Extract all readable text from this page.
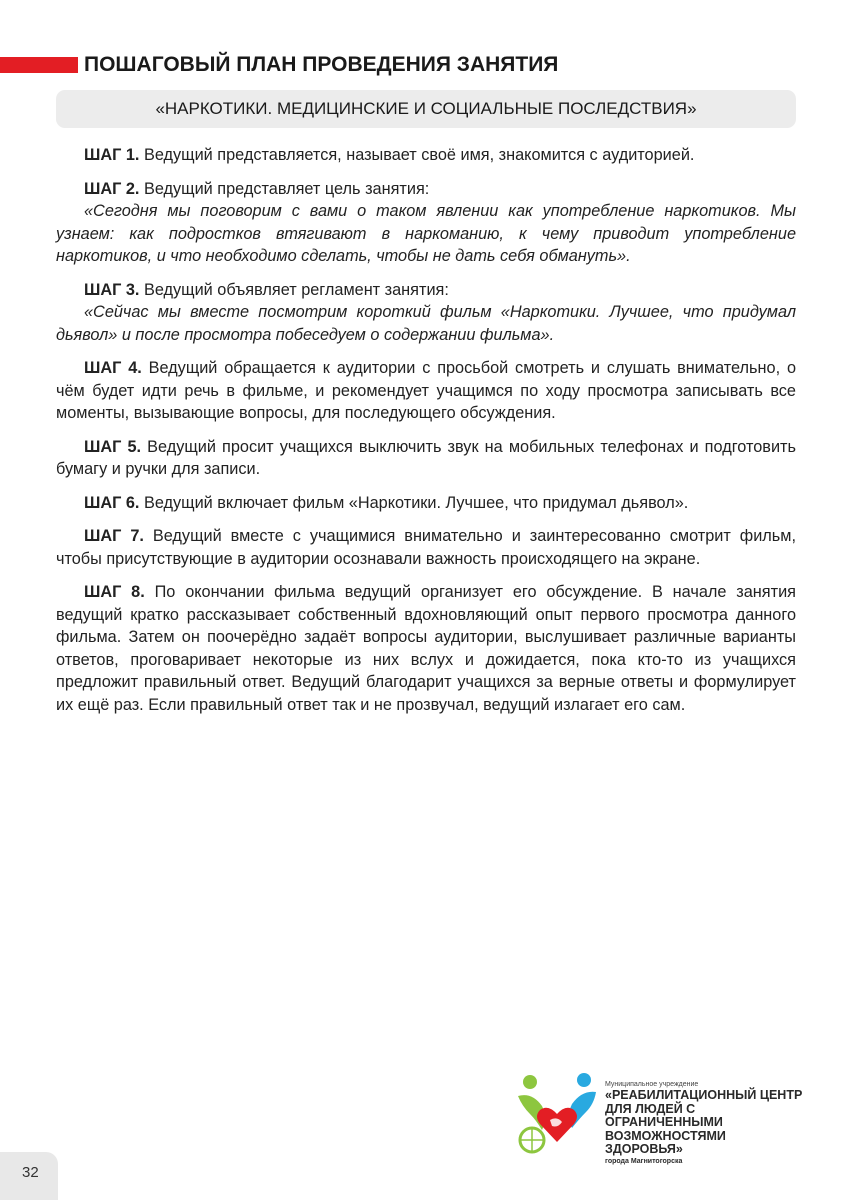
ПОШАГОВЫЙ ПЛАН ПРОВЕДЕНИЯ ЗАНЯТИЯ
«НАРКОТИКИ. МЕДИЦИНСКИЕ И СОЦИАЛЬНЫЕ ПОСЛЕДСТВИЯ»
ШАГ 1. Ведущий представляется, называет своё имя, знакомится с аудиторией.
ШАГ 2. Ведущий представляет цель занятия:
«Сегодня мы поговорим с вами о таком явлении как употребление наркотиков. Мы узнаем: как подростков втягивают в наркоманию, к чему приводит употребление наркотиков, и что необходимо сделать, чтобы не дать себя обмануть».
ШАГ 3. Ведущий объявляет регламент занятия:
«Сейчас мы вместе посмотрим короткий фильм «Наркотики. Лучшее, что придумал дьявол» и после просмотра побеседуем о содержании фильма».
ШАГ 4. Ведущий обращается к аудитории с просьбой смотреть и слушать внимательно, о чём будет идти речь в фильме, и рекомендует учащимся по ходу просмотра записывать все моменты, вызывающие вопросы, для последующего обсуждения.
ШАГ 5. Ведущий просит учащихся выключить звук на мобильных телефонах и подготовить бумагу и ручки для записи.
ШАГ 6. Ведущий включает фильм «Наркотики. Лучшее, что придумал дьявол».
ШАГ 7. Ведущий вместе с учащимися внимательно и заинтересованно смотрит фильм, чтобы присутствующие в аудитории осознавали важность происходящего на экране.
ШАГ 8. По окончании фильма ведущий организует его обсуждение. В начале занятия ведущий кратко рассказывает собственный вдохновляющий опыт первого просмотра данного фильма. Затем он поочерёдно задаёт вопросы аудитории, выслушивает различные варианты ответов, проговаривает некоторые из них вслух и дожидается, пока кто-то из учащихся предложит правильный ответ. Ведущий благодарит учащихся за верные ответы и формулирует их ещё раз. Если правильный ответ так и не прозвучал, ведущий излагает его сам.
Муниципальное учреждение
«РЕАБИЛИТАЦИОННЫЙ ЦЕНТР
ДЛЯ ЛЮДЕЙ С ОГРАНИЧЕННЫМИ
ВОЗМОЖНОСТЯМИ ЗДОРОВЬЯ»
города Магнитогорска
32
